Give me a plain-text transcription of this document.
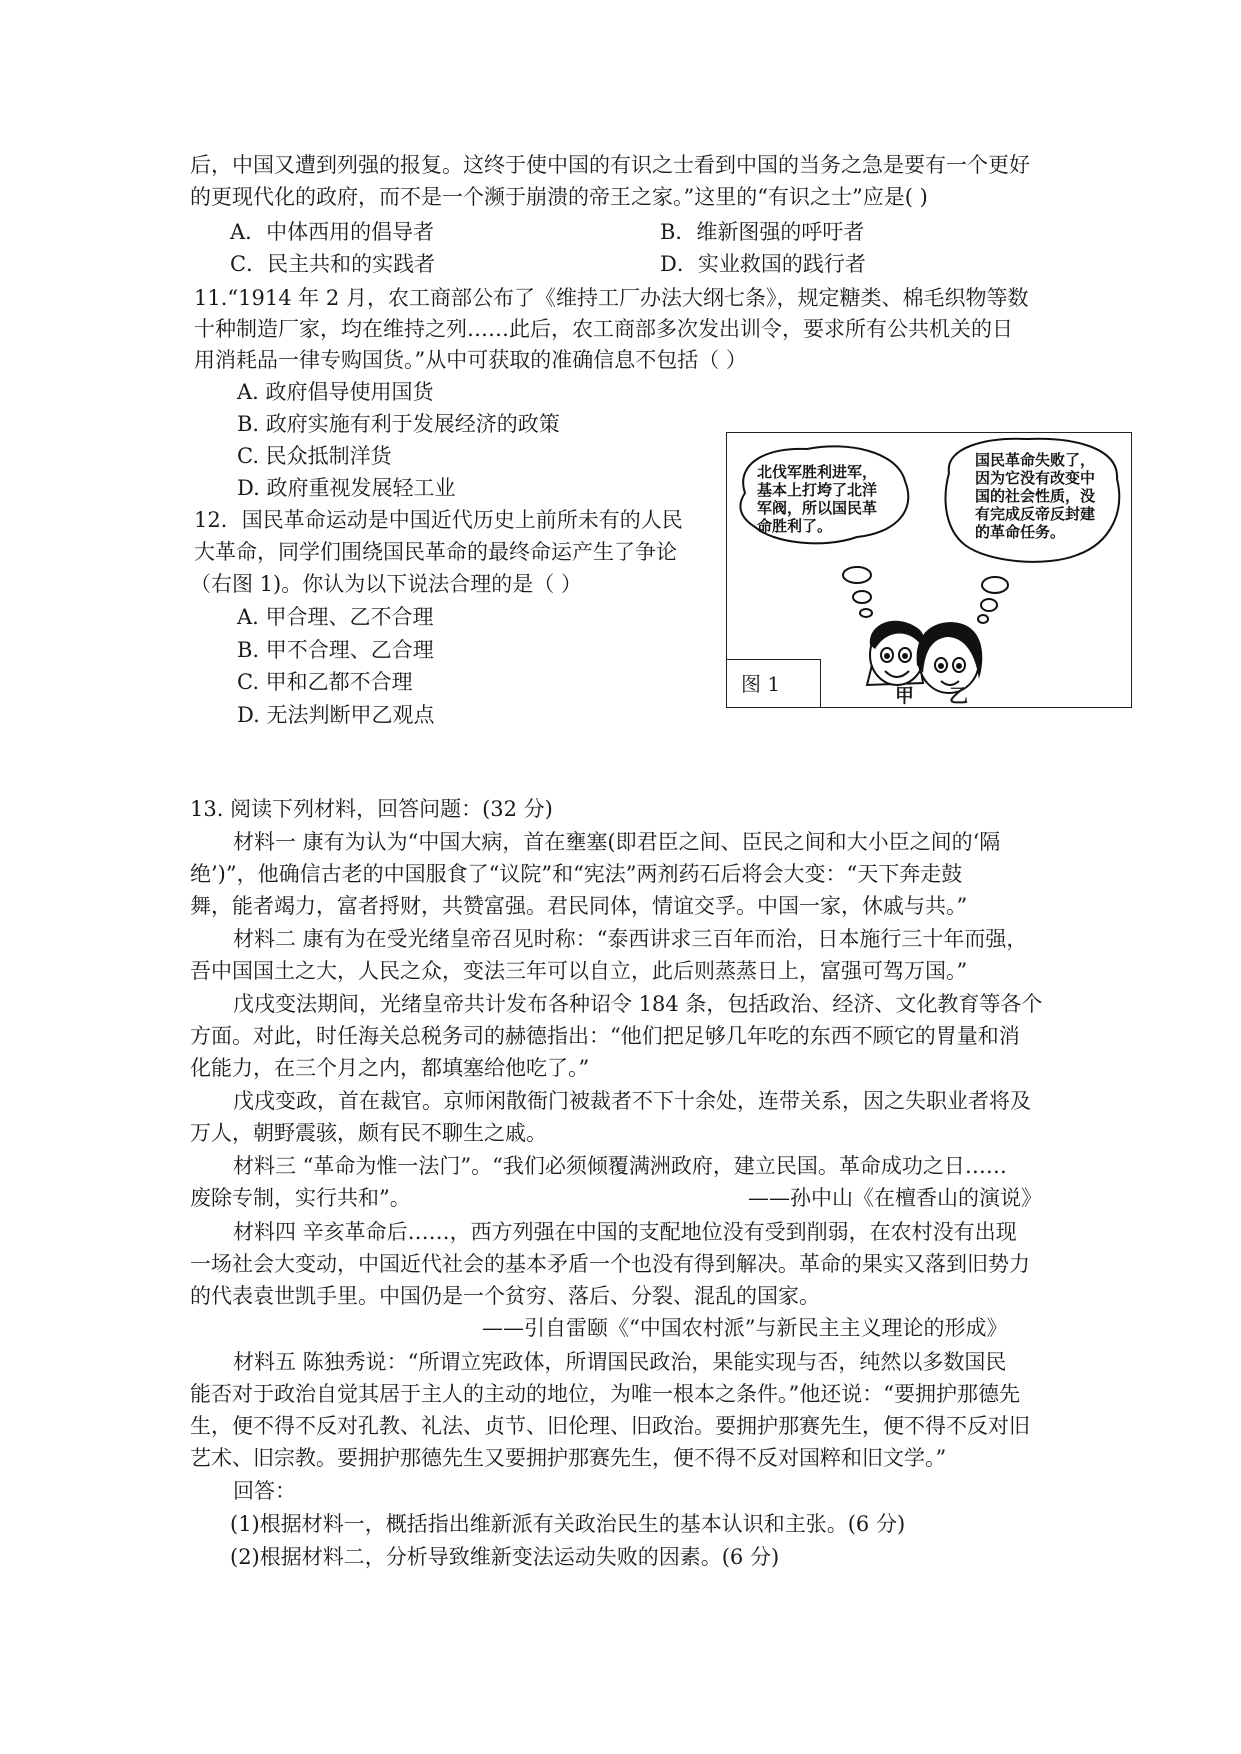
后，中国又遭到列强的报复。这终于使中国的有识之士看到中国的当务之急是要有一个更好
的更现代化的政府，而不是一个濒于崩溃的帝王之家。”这里的“有识之士”应是( )
A．中体西用的倡导者	B．维新图强的呼吁者
C．民主共和的实践者	D．实业救国的践行者
11.“1914 年 2 月，农工商部公布了《维持工厂办法大纲七条》，规定糖类、棉毛织物等数
十种制造厂家，均在维持之列……此后，农工商部多次发出训令，要求所有公共机关的日
用消耗品一律专购国货。”从中可获取的准确信息不包括（ ）
A. 政府倡导使用国货
B. 政府实施有利于发展经济的政策
C. 民众抵制洋货
D. 政府重视发展轻工业
12．国民革命运动是中国近代历史上前所未有的人民
大革命，同学们围绕国民革命的最终命运产生了争论
（右图 1)。你认为以下说法合理的是（ ）
A. 甲合理、乙不合理
B. 甲不合理、乙合理
C. 甲和乙都不合理
D. 无法判断甲乙观点
北伐军胜利进军，
基本上打垮了北洋
军阀，所以国民革
命胜利了。
国民革命失败了，
因为它没有改变中
国的社会性质，没
有完成反帝反封建
的革命任务。
图 1	甲 乙
13. 阅读下列材料，回答问题：(32 分)
材料一 康有为认为“中国大病，首在壅塞(即君臣之间、臣民之间和大小臣之间的‘隔
绝’)”，他确信古老的中国服食了“议院”和“宪法”两剂药石后将会大变：“天下奔走鼓
舞，能者竭力，富者捋财，共赞富强。君民同体，情谊交孚。中国一家，休戚与共。”
材料二 康有为在受光绪皇帝召见时称：“泰西讲求三百年而治，日本施行三十年而强，
吾中国国土之大，人民之众，变法三年可以自立，此后则蒸蒸日上，富强可驾万国。”
戊戌变法期间，光绪皇帝共计发布各种诏令 184 条，包括政治、经济、文化教育等各个
方面。对此，时任海关总税务司的赫德指出：“他们把足够几年吃的东西不顾它的胃量和消
化能力，在三个月之内，都填塞给他吃了。”
戊戌变政，首在裁官。京师闲散衙门被裁者不下十余处，连带关系，因之失职业者将及
万人，朝野震骇，颇有民不聊生之戚。
材料三 “革命为惟一法门”。“我们必须倾覆满洲政府，建立民国。革命成功之日……
废除专制，实行共和”。	——孙中山《在檀香山的演说》
材料四 辛亥革命后……，西方列强在中国的支配地位没有受到削弱，在农村没有出现
一场社会大变动，中国近代社会的基本矛盾一个也没有得到解决。革命的果实又落到旧势力
的代表袁世凯手里。中国仍是一个贫穷、落后、分裂、混乱的国家。
——引自雷颐《“中国农村派”与新民主主义理论的形成》
材料五 陈独秀说：“所谓立宪政体，所谓国民政治，果能实现与否，纯然以多数国民
能否对于政治自觉其居于主人的主动的地位，为唯一根本之条件。”他还说：“要拥护那德先
生，便不得不反对孔教、礼法、贞节、旧伦理、旧政治。要拥护那赛先生，便不得不反对旧
艺术、旧宗教。要拥护那德先生又要拥护那赛先生，便不得不反对国粹和旧文学。”
回答：
(1)根据材料一，概括指出维新派有关政治民生的基本认识和主张。(6 分)
(2)根据材料二，分析导致维新变法运动失败的因素。(6 分)
